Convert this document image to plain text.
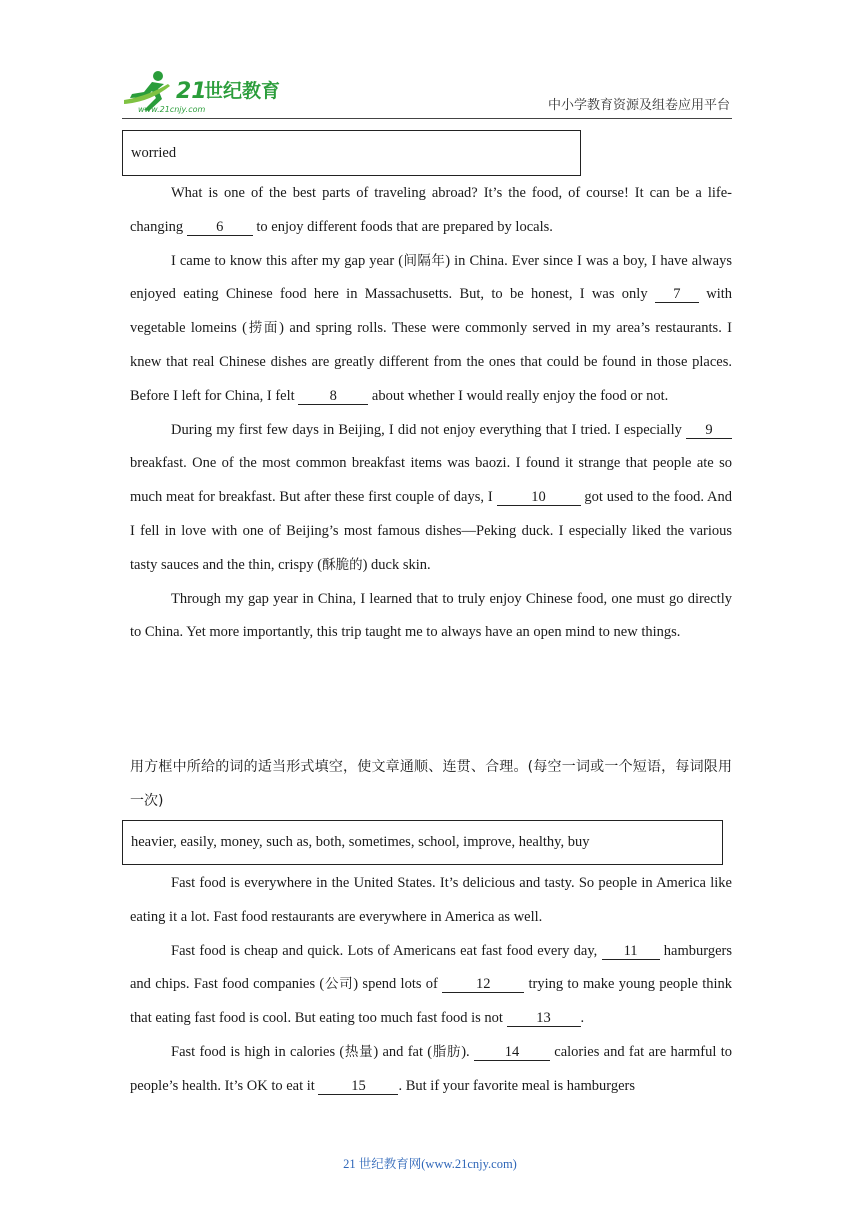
21
世纪教育
www.21cnjy.com	中小学教育资源及组卷应用平台
worried

What is one of the best parts of traveling abroad? It’s the food, of course! It can be a life-changing 6 to enjoy different foods that are prepared by locals.

I came to know this after my gap year (间隔年) in China. Ever since I was a boy, I have always enjoyed eating Chinese food here in Massachusetts. But, to be honest, I was only 7 with vegetable lomeins (捞面) and spring rolls. These were commonly served in my area’s restaurants. I knew that real Chinese dishes are greatly different from the ones that could be found in those places. Before I left for China, I felt 8 about whether I would really enjoy the food or not.

During my first few days in Beijing, I did not enjoy everything that I tried. I especially 9 breakfast. One of the most common breakfast items was baozi. I found it strange that people ate so much meat for breakfast. But after these first couple of days, I 10 got used to the food. And I fell in love with one of Beijing’s most famous dishes—Peking duck. I especially liked the various tasty sauces and the thin, crispy (酥脆的) duck skin.

Through my gap year in China, I learned that to truly enjoy Chinese food, one must go directly to China. Yet more importantly, this trip taught me to always have an open mind to new things.

用方框中所给的词的适当形式填空，使文章通顺、连贯、合理。(每空一词或一个短语，每词限用一次)

heavier, easily, money, such as, both, sometimes, school, improve, healthy, buy

Fast food is everywhere in the United States. It’s delicious and tasty. So people in America like eating it a lot. Fast food restaurants are everywhere in America as well.

Fast food is cheap and quick. Lots of Americans eat fast food every day, 11 hamburgers and chips. Fast food companies (公司) spend lots of 12 trying to make young people think that eating fast food is cool. But eating too much fast food is not 13 .

Fast food is high in calories (热量) and fat (脂肪). 14 calories and fat are harmful to people’s health. It’s OK to eat it 15 . But if your favorite meal is hamburgers

21 世纪教育网(www.21cnjy.com)
